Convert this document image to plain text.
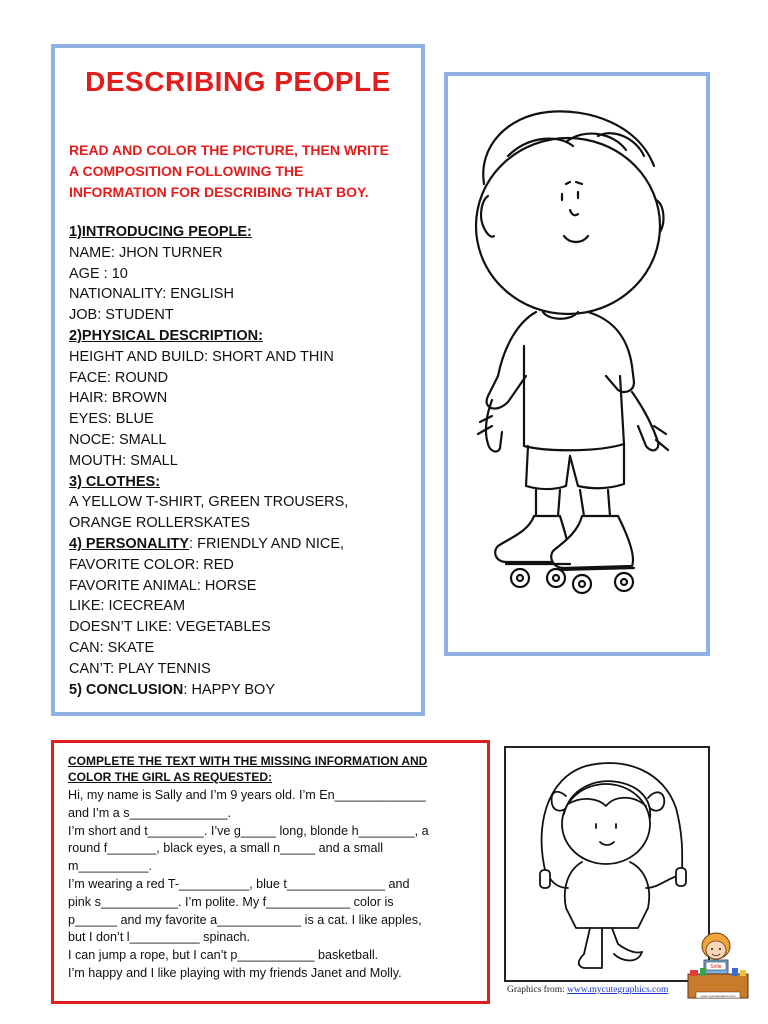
DESCRIBING PEOPLE
READ AND COLOR THE PICTURE, THEN WRITE
A COMPOSITION FOLLOWING THE
INFORMATION FOR DESCRIBING THAT BOY.
1)INTRODUCING PEOPLE:
NAME: JHON TURNER
AGE : 10
NATIONALITY: ENGLISH
JOB: STUDENT
2)PHYSICAL DESCRIPTION:
HEIGHT AND BUILD: SHORT AND THIN
FACE: ROUND
HAIR: BROWN
EYES: BLUE
NOCE: SMALL
MOUTH: SMALL
3) CLOTHES:
A YELLOW T-SHIRT, GREEN TROUSERS,
ORANGE ROLLERSKATES
4) PERSONALITY: FRIENDLY AND NICE,
FAVORITE COLOR: RED
FAVORITE ANIMAL: HORSE
LIKE: ICECREAM
DOESN’T LIKE: VEGETABLES
CAN: SKATE
CAN’T: PLAY TENNIS
5) CONCLUSION: HAPPY BOY
COMPLETE THE TEXT WITH THE MISSING INFORMATION AND
COLOR THE GIRL AS REQUESTED:
Hi, my name is Sally and I’m 9 years old. I’m En_____________
and I’m a s______________.
I’m short and t________. I’ve g_____ long, blonde h________, a
round f_______, black eyes, a small n_____ and a small
m__________.
I’m wearing a red T-__________, blue t______________ and
pink s___________. I’m polite. My f____________ color is
p______ and my favorite a____________ is a cat. I like apples,
but I don’t l__________ spinach.
I can jump a rope, but I can’t p___________ basketball.
I’m happy and I like playing with my friends Janet and Molly.	Sofie
www.mycutegraphics.com
Graphics from: www.mycutegraphics.com
